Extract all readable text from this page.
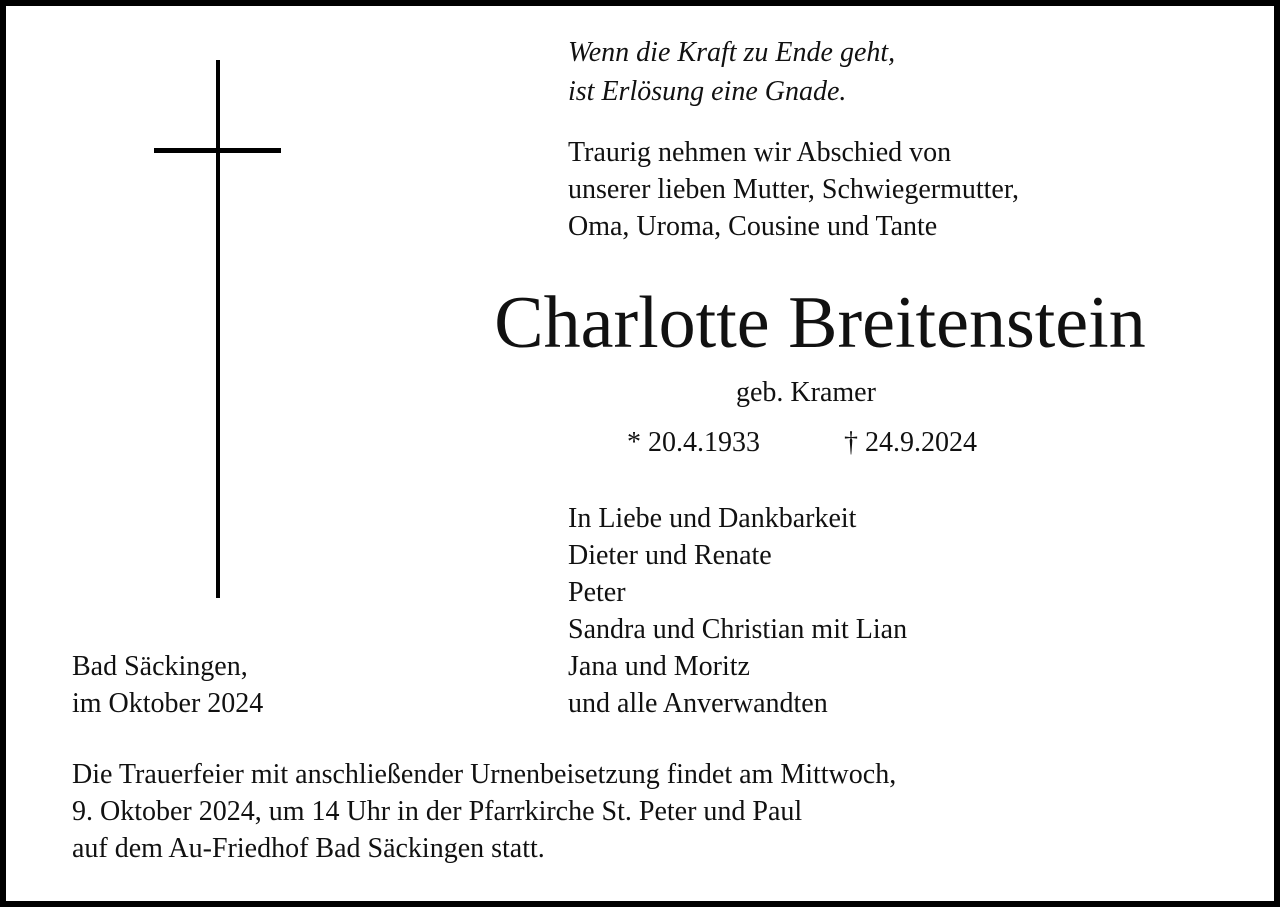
Wenn die Kraft zu Ende geht,
ist Erlösung eine Gnade.
Traurig nehmen wir Abschied von
unserer lieben Mutter, Schwiegermutter,
Oma, Uroma, Cousine und Tante
Charlotte Breitenstein
geb. Kramer
* 20.4.1933	† 24.9.2024
In Liebe und Dankbarkeit
Dieter und Renate
Peter
Sandra und Christian mit Lian
Jana und Moritz
und alle Anverwandten
Bad Säckingen,
im Oktober 2024
Die Trauerfeier mit anschließender Urnenbeisetzung findet am Mittwoch,
9. Oktober 2024, um 14 Uhr in der Pfarrkirche St. Peter und Paul
auf dem Au-Friedhof Bad Säckingen statt.
